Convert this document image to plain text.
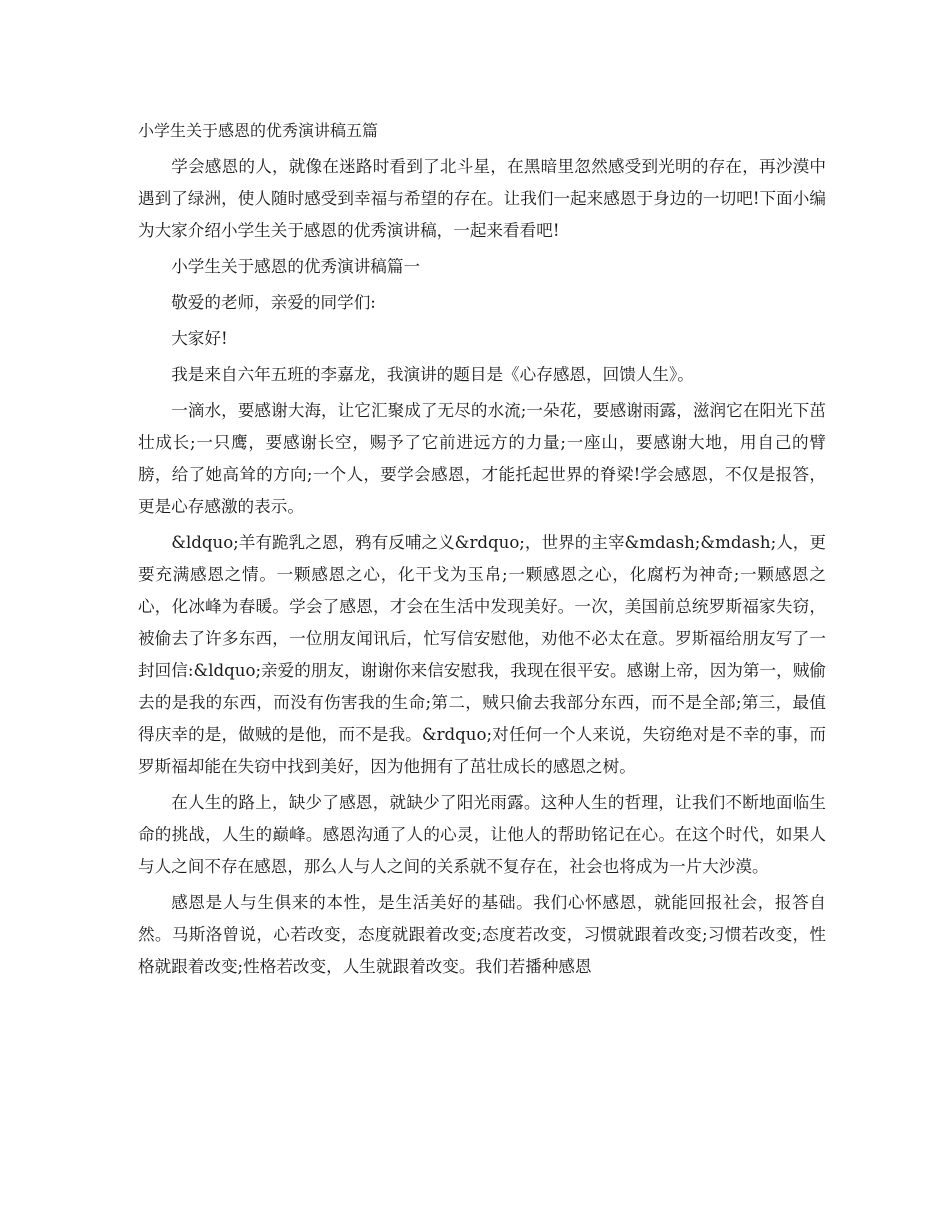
小学生关于感恩的优秀演讲稿五篇

学会感恩的人，就像在迷路时看到了北斗星，在黑暗里忽然感受到光明的存在，再沙漠中遇到了绿洲，使人随时感受到幸福与希望的存在。让我们一起来感恩于身边的一切吧!下面小编为大家介绍小学生关于感恩的优秀演讲稿，一起来看看吧!

小学生关于感恩的优秀演讲稿篇一

敬爱的老师，亲爱的同学们:

大家好!

我是来自六年五班的李嘉龙，我演讲的题目是《心存感恩，回馈人生》。

一滴水，要感谢大海，让它汇聚成了无尽的水流;一朵花，要感谢雨露，滋润它在阳光下茁壮成长;一只鹰，要感谢长空，赐予了它前进远方的力量;一座山，要感谢大地，用自己的臂膀，给了她高耸的方向;一个人，要学会感恩，才能托起世界的脊梁!学会感恩，不仅是报答，更是心存感激的表示。

&ldquo;羊有跪乳之恩，鸦有反哺之义&rdquo;，世界的主宰&mdash;&mdash;人，更要充满感恩之情。一颗感恩之心，化干戈为玉帛;一颗感恩之心，化腐朽为神奇;一颗感恩之心，化冰峰为春暖。学会了感恩，才会在生活中发现美好。一次，美国前总统罗斯福家失窃，被偷去了许多东西，一位朋友闻讯后，忙写信安慰他，劝他不必太在意。罗斯福给朋友写了一封回信:&ldquo;亲爱的朋友，谢谢你来信安慰我，我现在很平安。感谢上帝，因为第一，贼偷去的是我的东西，而没有伤害我的生命;第二，贼只偷去我部分东西，而不是全部;第三，最值得庆幸的是，做贼的是他，而不是我。&rdquo;对任何一个人来说，失窃绝对是不幸的事，而罗斯福却能在失窃中找到美好，因为他拥有了茁壮成长的感恩之树。

在人生的路上，缺少了感恩，就缺少了阳光雨露。这种人生的哲理，让我们不断地面临生命的挑战，人生的巅峰。感恩沟通了人的心灵，让他人的帮助铭记在心。在这个时代，如果人与人之间不存在感恩，那么人与人之间的关系就不复存在，社会也将成为一片大沙漠。

感恩是人与生俱来的本性，是生活美好的基础。我们心怀感恩，就能回报社会，报答自然。马斯洛曾说，心若改变，态度就跟着改变;态度若改变，习惯就跟着改变;习惯若改变，性格就跟着改变;性格若改变，人生就跟着改变。我们若播种感恩
